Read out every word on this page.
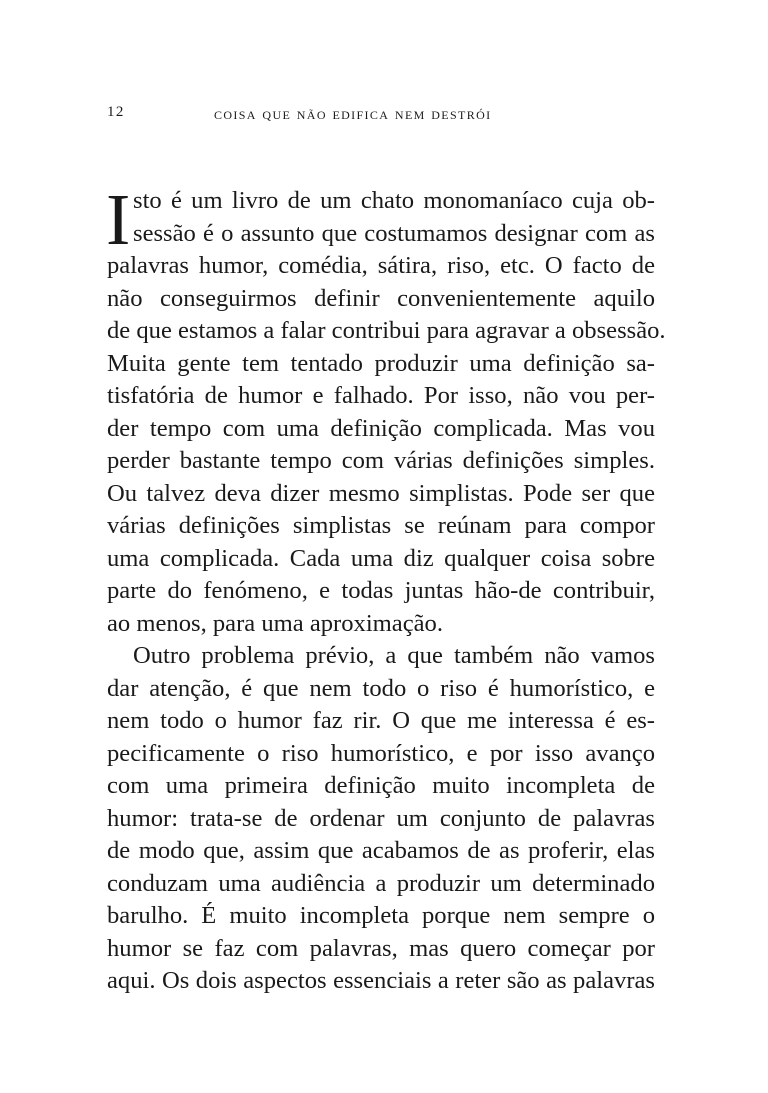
12	coisa que não edifica nem destrói
I sto é um livro de um chato monomaníaco cuja ob-
sessão é o assunto que costumamos designar com as
palavras humor, comédia, sátira, riso, etc. O facto de
não conseguirmos definir convenientemente aquilo
de que estamos a falar contribui para agravar a obsessão.
Muita gente tem tentado produzir uma definição sa-
tisfatória de humor e falhado. Por isso, não vou per-
der tempo com uma definição complicada. Mas vou
perder bastante tempo com várias definições simples.
Ou talvez deva dizer mesmo simplistas. Pode ser que
várias definições simplistas se reúnam para compor
uma complicada. Cada uma diz qualquer coisa sobre
parte do fenómeno, e todas juntas hão-de contribuir,
ao menos, para uma aproximação.
Outro problema prévio, a que também não vamos
dar atenção, é que nem todo o riso é humorístico, e
nem todo o humor faz rir. O que me interessa é es-
pecificamente o riso humorístico, e por isso avanço
com uma primeira definição muito incompleta de
humor: trata-se de ordenar um conjunto de palavras
de modo que, assim que acabamos de as proferir, elas
conduzam uma audiência a produzir um determinado
barulho. É muito incompleta porque nem sempre o
humor se faz com palavras, mas quero começar por
aqui. Os dois aspectos essenciais a reter são as palavras
